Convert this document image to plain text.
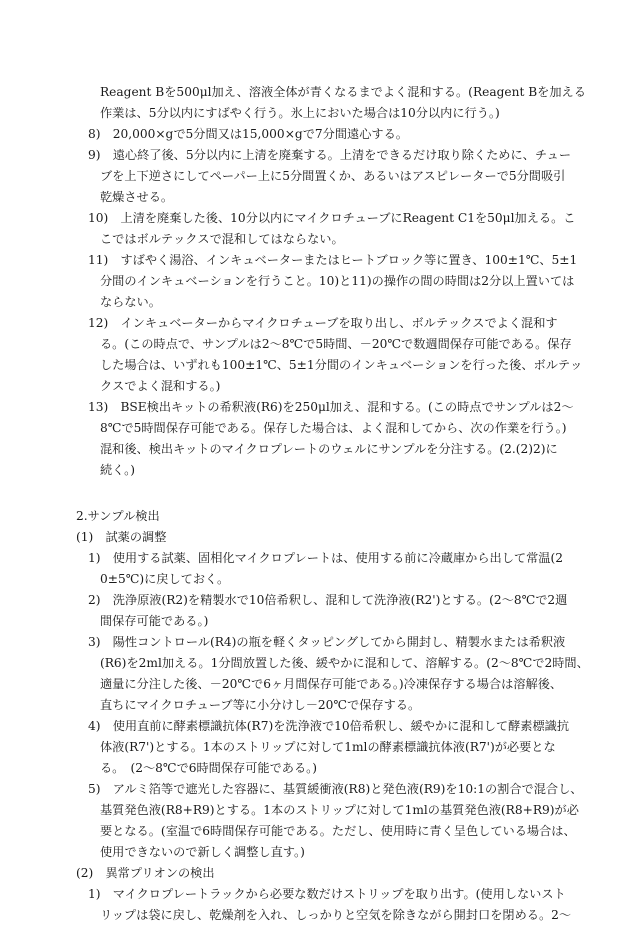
Reagent Bを500μl加え、溶液全体が青くなるまでよく混和する。(Reagent Bを加える
作業は、5分以内にすばやく行う。氷上においた場合は10分以内に行う。)
8)　20,000×gで5分間又は15,000×gで7分間遠心する。
9)　遠心終了後、5分以内に上清を廃棄する。上清をできるだけ取り除くために、チュー
ブを上下逆さにしてペーパー上に5分間置くか、あるいはアスピレーターで5分間吸引
乾燥させる。
10)　上清を廃棄した後、10分以内にマイクロチューブにReagent C1を50μl加える。こ
こではボルテックスで混和してはならない。
11)　すばやく湯浴、インキュベーターまたはヒートブロック等に置き、100±1℃、5±1
分間のインキュベーションを行うこと。10)と11)の操作の間の時間は2分以上置いては
ならない。
12)　インキュベーターからマイクロチューブを取り出し、ボルテックスでよく混和す
る。(この時点で、サンプルは2～8℃で5時間、－20℃で数週間保存可能である。保存
した場合は、いずれも100±1℃、5±1分間のインキュベーションを行った後、ボルテッ
クスでよく混和する。)
13)　BSE検出キットの希釈液(R6)を250μl加え、混和する。(この時点でサンプルは2～
8℃で5時間保存可能である。保存した場合は、よく混和してから、次の作業を行う。)
混和後、検出キットのマイクロプレートのウェルにサンプルを分注する。(2.(2)2)に
続く。)
2.サンプル検出
(1)　試薬の調整
1)　使用する試薬、固相化マイクロプレートは、使用する前に冷蔵庫から出して常温(2
0±5℃)に戻しておく。
2)　洗浄原液(R2)を精製水で10倍希釈し、混和して洗浄液(R2')とする。(2～8℃で2週
間保存可能である。)
3)　陽性コントロール(R4)の瓶を軽くタッピングしてから開封し、精製水または希釈液
(R6)を2ml加える。1分間放置した後、緩やかに混和して、溶解する。(2～8℃で2時間、
適量に分注した後、－20℃で6ヶ月間保存可能である。)冷凍保存する場合は溶解後、
直ちにマイクロチューブ等に小分けし－20℃で保存する。
4)　使用直前に酵素標識抗体(R7)を洗浄液で10倍希釈し、緩やかに混和して酵素標識抗
体液(R7')とする。1本のストリップに対して1mlの酵素標識抗体液(R7')が必要とな
る。　(2～8℃で6時間保存可能である。)
5)　アルミ箔等で遮光した容器に、基質緩衝液(R8)と発色液(R9)を10:1の割合で混合し、
基質発色液(R8+R9)とする。1本のストリップに対して1mlの基質発色液(R8+R9)が必
要となる。(室温で6時間保存可能である。ただし、使用時に青く呈色している場合は、
使用できないので新しく調整し直す。)
(2)　異常プリオンの検出
1)　マイクロプレートラックから必要な数だけストリップを取り出す。(使用しないスト
リップは袋に戻し、乾燥剤を入れ、しっかりと空気を除きながら開封口を閉める。2～
